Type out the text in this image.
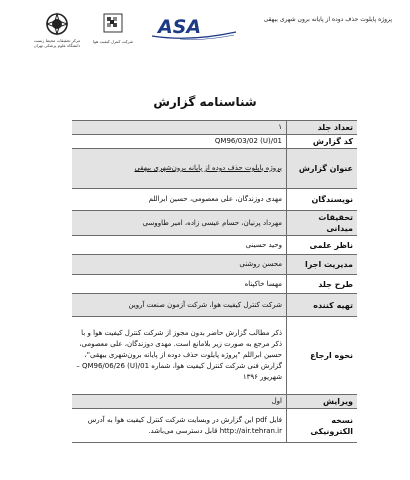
مرکز تحقیقات محیط زیست دانشگاه علوم پزشکی تهران
شرکت کنترل کیفیت هوا
ASA	پروژه پایلوت حذف دوده از پایانه برون شهری بیهقی
شناسنامه گزارش
تعداد جلد	۱
کد گزارش	QM96/03/02 (U)/01
عنوان گزارش	پروژه پایلوت حذف دوده از پایانه برون‌شهری بیهقی
نویسندگان	مهدی دوزندگان، علی معصومی، حسین ابراللم
تحقیقات میدانی	مهرداد پرنیان، حسام عیسی زاده، امیر طاووسی
ناظر علمی	وحید حسینی
مدیریت اجرا	محسن روشنی
طرح جلد	مهسا خاکپناه
تهیه کننده	شرکت کنترل کیفیت هوا، شرکت آزمون صنعت آروین
نحوه ارجاع	ذکر مطالب گزارش حاضر بدون مجوز از شرکت کنترل کیفیت هوا و با ذکر مرجع به صورت زیر بلامانع است. مهدی دوزندگان، علی معصومی، حسین ابراللم "پروژه پایلوت حذف دوده از پایانه برون‌شهری بیهقی"، گزارش فنی شرکت کنترل کیفیت هوا، شماره QM96/06/26 (U)/01 – شهریور ۱۳۹۶
ویرایش	اول
نسخه الکترونیکی	فایل pdf این گزارش در وبسایت شرکت کنترل کیفیت هوا به آدرس http://air.tehran.ir قابل دسترسی می‌باشد.
